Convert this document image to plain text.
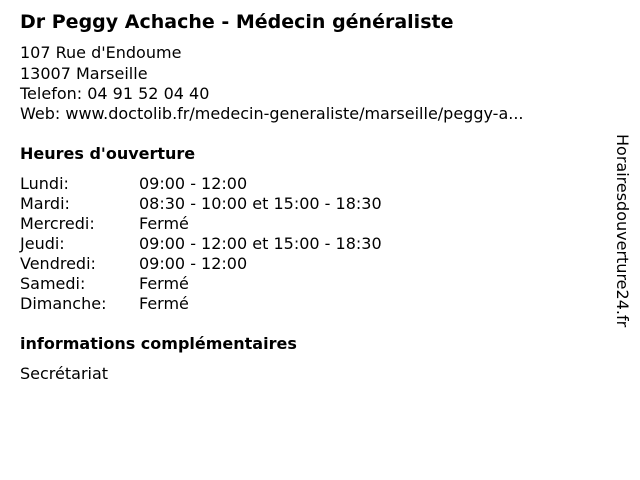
Dr Peggy Achache - Médecin généraliste
107 Rue d'Endoume
13007 Marseille
Telefon: 04 91 52 04 40
Web: www.doctolib.fr/medecin-generaliste/marseille/peggy-a...
Heures d'ouverture
Lundi:	09:00 - 12:00
Mardi:	08:30 - 10:00 et 15:00 - 18:30
Mercredi:	Fermé
Jeudi:	09:00 - 12:00 et 15:00 - 18:30
Vendredi:	09:00 - 12:00
Samedi:	Fermé
Dimanche: Fermé
informations complémentaires
Secrétariat
Horairesdouverture24.fr
